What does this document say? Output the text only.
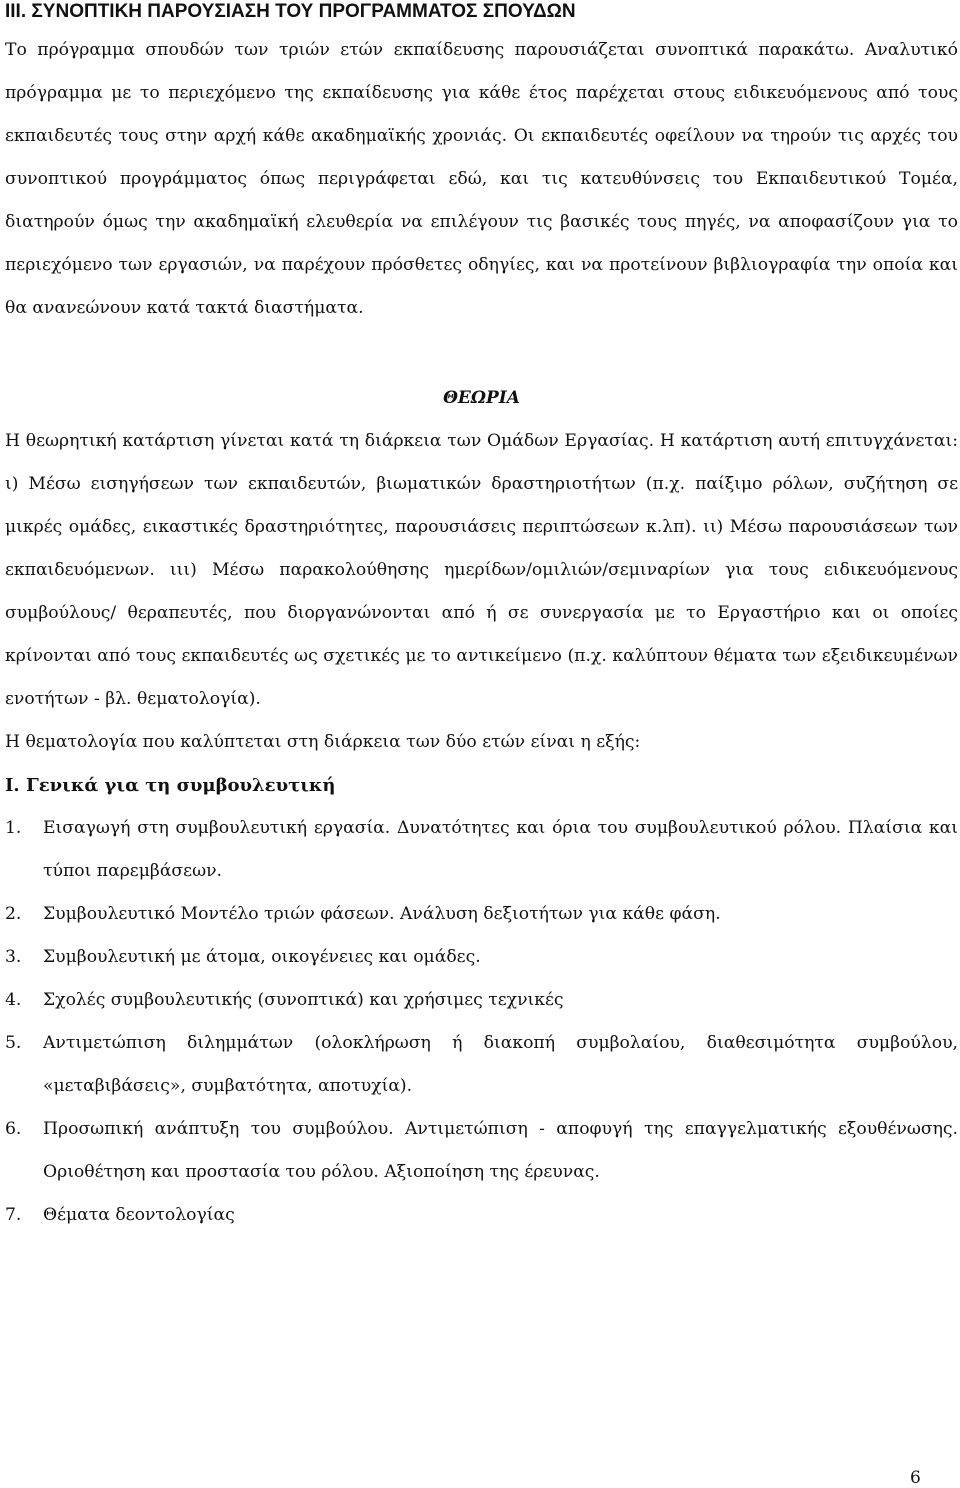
III. ΣΥΝΟΠΤΙΚΗ ΠΑΡΟΥΣΙΑΣΗ ΤΟΥ ΠΡΟΓΡΑΜΜΑΤΟΣ ΣΠΟΥΔΩΝ

Το πρόγραμμα σπουδών των τριών ετών εκπαίδευσης παρουσιάζεται συνοπτικά παρακάτω. Αναλυτικό πρόγραμμα με το περιεχόμενο της εκπαίδευσης για κάθε έτος παρέχεται στους ειδικευόμενους από τους εκπαιδευτές τους στην αρχή κάθε ακαδημαϊκής χρονιάς. Οι εκπαιδευτές οφείλουν να τηρούν τις αρχές του συνοπτικού προγράμματος όπως περιγράφεται εδώ, και τις κατευθύνσεις του Εκπαιδευτικού Τομέα, διατηρούν όμως την ακαδημαϊκή ελευθερία να επιλέγουν τις βασικές τους πηγές, να αποφασίζουν για το περιεχόμενο των εργασιών, να παρέχουν πρόσθετες οδηγίες, και να προτείνουν βιβλιογραφία την οποία και θα ανανεώνουν κατά τακτά διαστήματα.

ΘΕΩΡΙΑ

Η θεωρητική κατάρτιση γίνεται κατά τη διάρκεια των Ομάδων Εργασίας. Η κατάρτιση αυτή επιτυγχάνεται: ι) Μέσω εισηγήσεων των εκπαιδευτών, βιωματικών δραστηριοτήτων (π.χ. παίξιμο ρόλων, συζήτηση σε μικρές ομάδες, εικαστικές δραστηριότητες, παρουσιάσεις περιπτώσεων κ.λπ). ιι) Μέσω παρουσιάσεων των εκπαιδευόμενων. ιιι) Μέσω παρακολούθησης ημερίδων/ομιλιών/σεμιναρίων για τους ειδικευόμενους συμβούλους/ θεραπευτές, που διοργανώνονται από ή σε συνεργασία με το Εργαστήριο και οι οποίες κρίνονται από τους εκπαιδευτές ως σχετικές με το αντικείμενο (π.χ. καλύπτουν θέματα των εξειδικευμένων ενοτήτων - βλ. θεματολογία).

Η θεματολογία που καλύπτεται στη διάρκεια των δύο ετών είναι η εξής:

Ι. Γενικά για τη συμβουλευτική
1.	Εισαγωγή στη συμβουλευτική εργασία. Δυνατότητες και όρια του συμβουλευτικού ρόλου. Πλαίσια και τύποι παρεμβάσεων.
2.	Συμβουλευτικό Μοντέλο τριών φάσεων. Ανάλυση δεξιοτήτων για κάθε φάση.
3.	Συμβουλευτική με άτομα, οικογένειες και ομάδες.
4.	Σχολές συμβουλευτικής (συνοπτικά) και χρήσιμες τεχνικές
5.	Αντιμετώπιση διλημμάτων (ολοκλήρωση ή διακοπή συμβολαίου, διαθεσιμότητα συμβούλου, «μεταβιβάσεις», συμβατότητα, αποτυχία).
6.	Προσωπική ανάπτυξη του συμβούλου. Αντιμετώπιση - αποφυγή της επαγγελματικής εξουθένωσης. Οριοθέτηση και προστασία του ρόλου. Αξιοποίηση της έρευνας.
7.	Θέματα δεοντολογίας
6
